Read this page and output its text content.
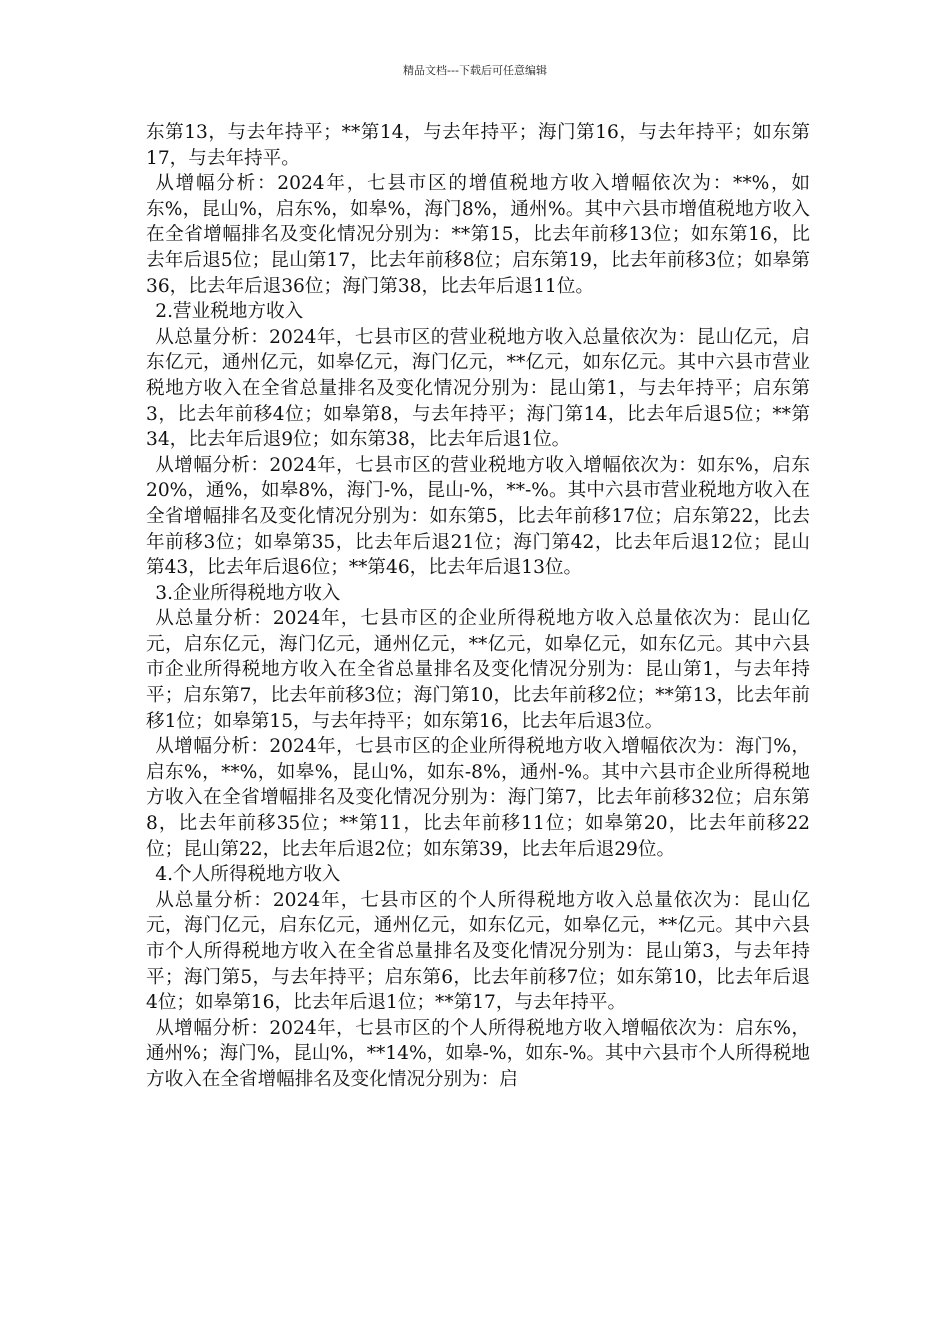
精品文档---下载后可任意编辑

东第13，与去年持平；**第14，与去年持平；海门第16，与去年持平；如东第17，与去年持平。

从增幅分析：2024年，七县市区的增值税地方收入增幅依次为：**%，如东%，昆山%，启东%，如皋%，海门8%，通州%。其中六县市增值税地方收入在全省增幅排名及变化情况分别为：**第15，比去年前移13位；如东第16，比去年后退5位；昆山第17，比去年前移8位；启东第19，比去年前移3位；如皋第36，比去年后退36位；海门第38，比去年后退11位。

2.营业税地方收入

从总量分析：2024年，七县市区的营业税地方收入总量依次为：昆山亿元，启东亿元，通州亿元，如皋亿元，海门亿元，**亿元，如东亿元。其中六县市营业税地方收入在全省总量排名及变化情况分别为：昆山第1，与去年持平；启东第3，比去年前移4位；如皋第8，与去年持平；海门第14，比去年后退5位；**第34，比去年后退9位；如东第38，比去年后退1位。

从增幅分析：2024年，七县市区的营业税地方收入增幅依次为：如东%，启东20%，通%，如皋8%，海门-%，昆山-%，**-%。其中六县市营业税地方收入在全省增幅排名及变化情况分别为：如东第5，比去年前移17位；启东第22，比去年前移3位；如皋第35，比去年后退21位；海门第42，比去年后退12位；昆山第43，比去年后退6位；**第46，比去年后退13位。

3.企业所得税地方收入

从总量分析：2024年，七县市区的企业所得税地方收入总量依次为：昆山亿元，启东亿元，海门亿元，通州亿元，**亿元，如皋亿元，如东亿元。其中六县市企业所得税地方收入在全省总量排名及变化情况分别为：昆山第1，与去年持平；启东第7，比去年前移3位；海门第10，比去年前移2位；**第13，比去年前移1位；如皋第15，与去年持平；如东第16，比去年后退3位。

从增幅分析：2024年，七县市区的企业所得税地方收入增幅依次为：海门%，启东%，**%，如皋%，昆山%，如东-8%，通州-%。其中六县市企业所得税地方收入在全省增幅排名及变化情况分别为：海门第7，比去年前移32位；启东第8，比去年前移35位；**第11，比去年前移11位；如皋第20，比去年前移22位；昆山第22，比去年后退2位；如东第39，比去年后退29位。

4.个人所得税地方收入

从总量分析：2024年，七县市区的个人所得税地方收入总量依次为：昆山亿元，海门亿元，启东亿元，通州亿元，如东亿元，如皋亿元，**亿元。其中六县市个人所得税地方收入在全省总量排名及变化情况分别为：昆山第3，与去年持平；海门第5，与去年持平；启东第6，比去年前移7位；如东第10，比去年后退4位；如皋第16，比去年后退1位；**第17，与去年持平。

从增幅分析：2024年，七县市区的个人所得税地方收入增幅依次为：启东%，通州%；海门%，昆山%，**14%，如皋-%，如东-%。其中六县市个人所得税地方收入在全省增幅排名及变化情况分别为：启
